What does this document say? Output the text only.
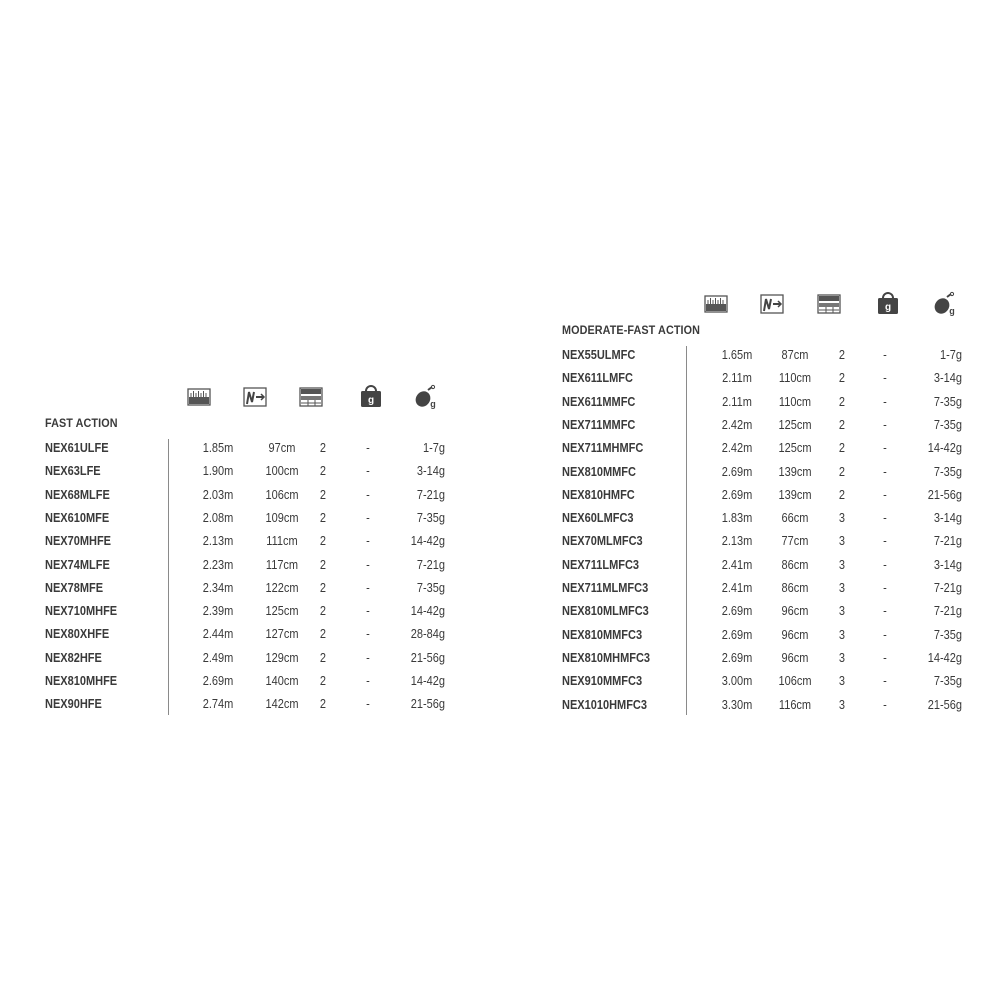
g	g
FAST ACTION
NEX61ULFE	1.85m	97cm	2	-	1-7g
NEX63LFE	1.90m	100cm	2	-	3-14g
NEX68MLFE	2.03m	106cm	2	-	7-21g
NEX610MFE	2.08m	109cm	2	-	7-35g
NEX70MHFE	2.13m	111cm	2	-	14-42g
NEX74MLFE	2.23m	117cm	2	-	7-21g
NEX78MFE	2.34m	122cm	2	-	7-35g
NEX710MHFE	2.39m	125cm	2	-	14-42g
NEX80XHFE	2.44m	127cm	2	-	28-84g
NEX82HFE	2.49m	129cm	2	-	21-56g
NEX810MHFE	2.69m	140cm	2	-	14-42g
NEX90HFE	2.74m	142cm	2	-	21-56g
g	g
MODERATE-FAST ACTION
NEX55ULMFC	1.65m	87cm	2	-	1-7g
NEX611LMFC	2.11m	110cm	2	-	3-14g
NEX611MMFC	2.11m	110cm	2	-	7-35g
NEX711MMFC	2.42m	125cm	2	-	7-35g
NEX711MHMFC	2.42m	125cm	2	-	14-42g
NEX810MMFC	2.69m	139cm	2	-	7-35g
NEX810HMFC	2.69m	139cm	2	-	21-56g
NEX60LMFC3	1.83m	66cm	3	-	3-14g
NEX70MLMFC3	2.13m	77cm	3	-	7-21g
NEX711LMFC3	2.41m	86cm	3	-	3-14g
NEX711MLMFC3	2.41m	86cm	3	-	7-21g
NEX810MLMFC3	2.69m	96cm	3	-	7-21g
NEX810MMFC3	2.69m	96cm	3	-	7-35g
NEX810MHMFC3	2.69m	96cm	3	-	14-42g
NEX910MMFC3	3.00m	106cm	3	-	7-35g
NEX1010HMFC3	3.30m	116cm	3	-	21-56g
